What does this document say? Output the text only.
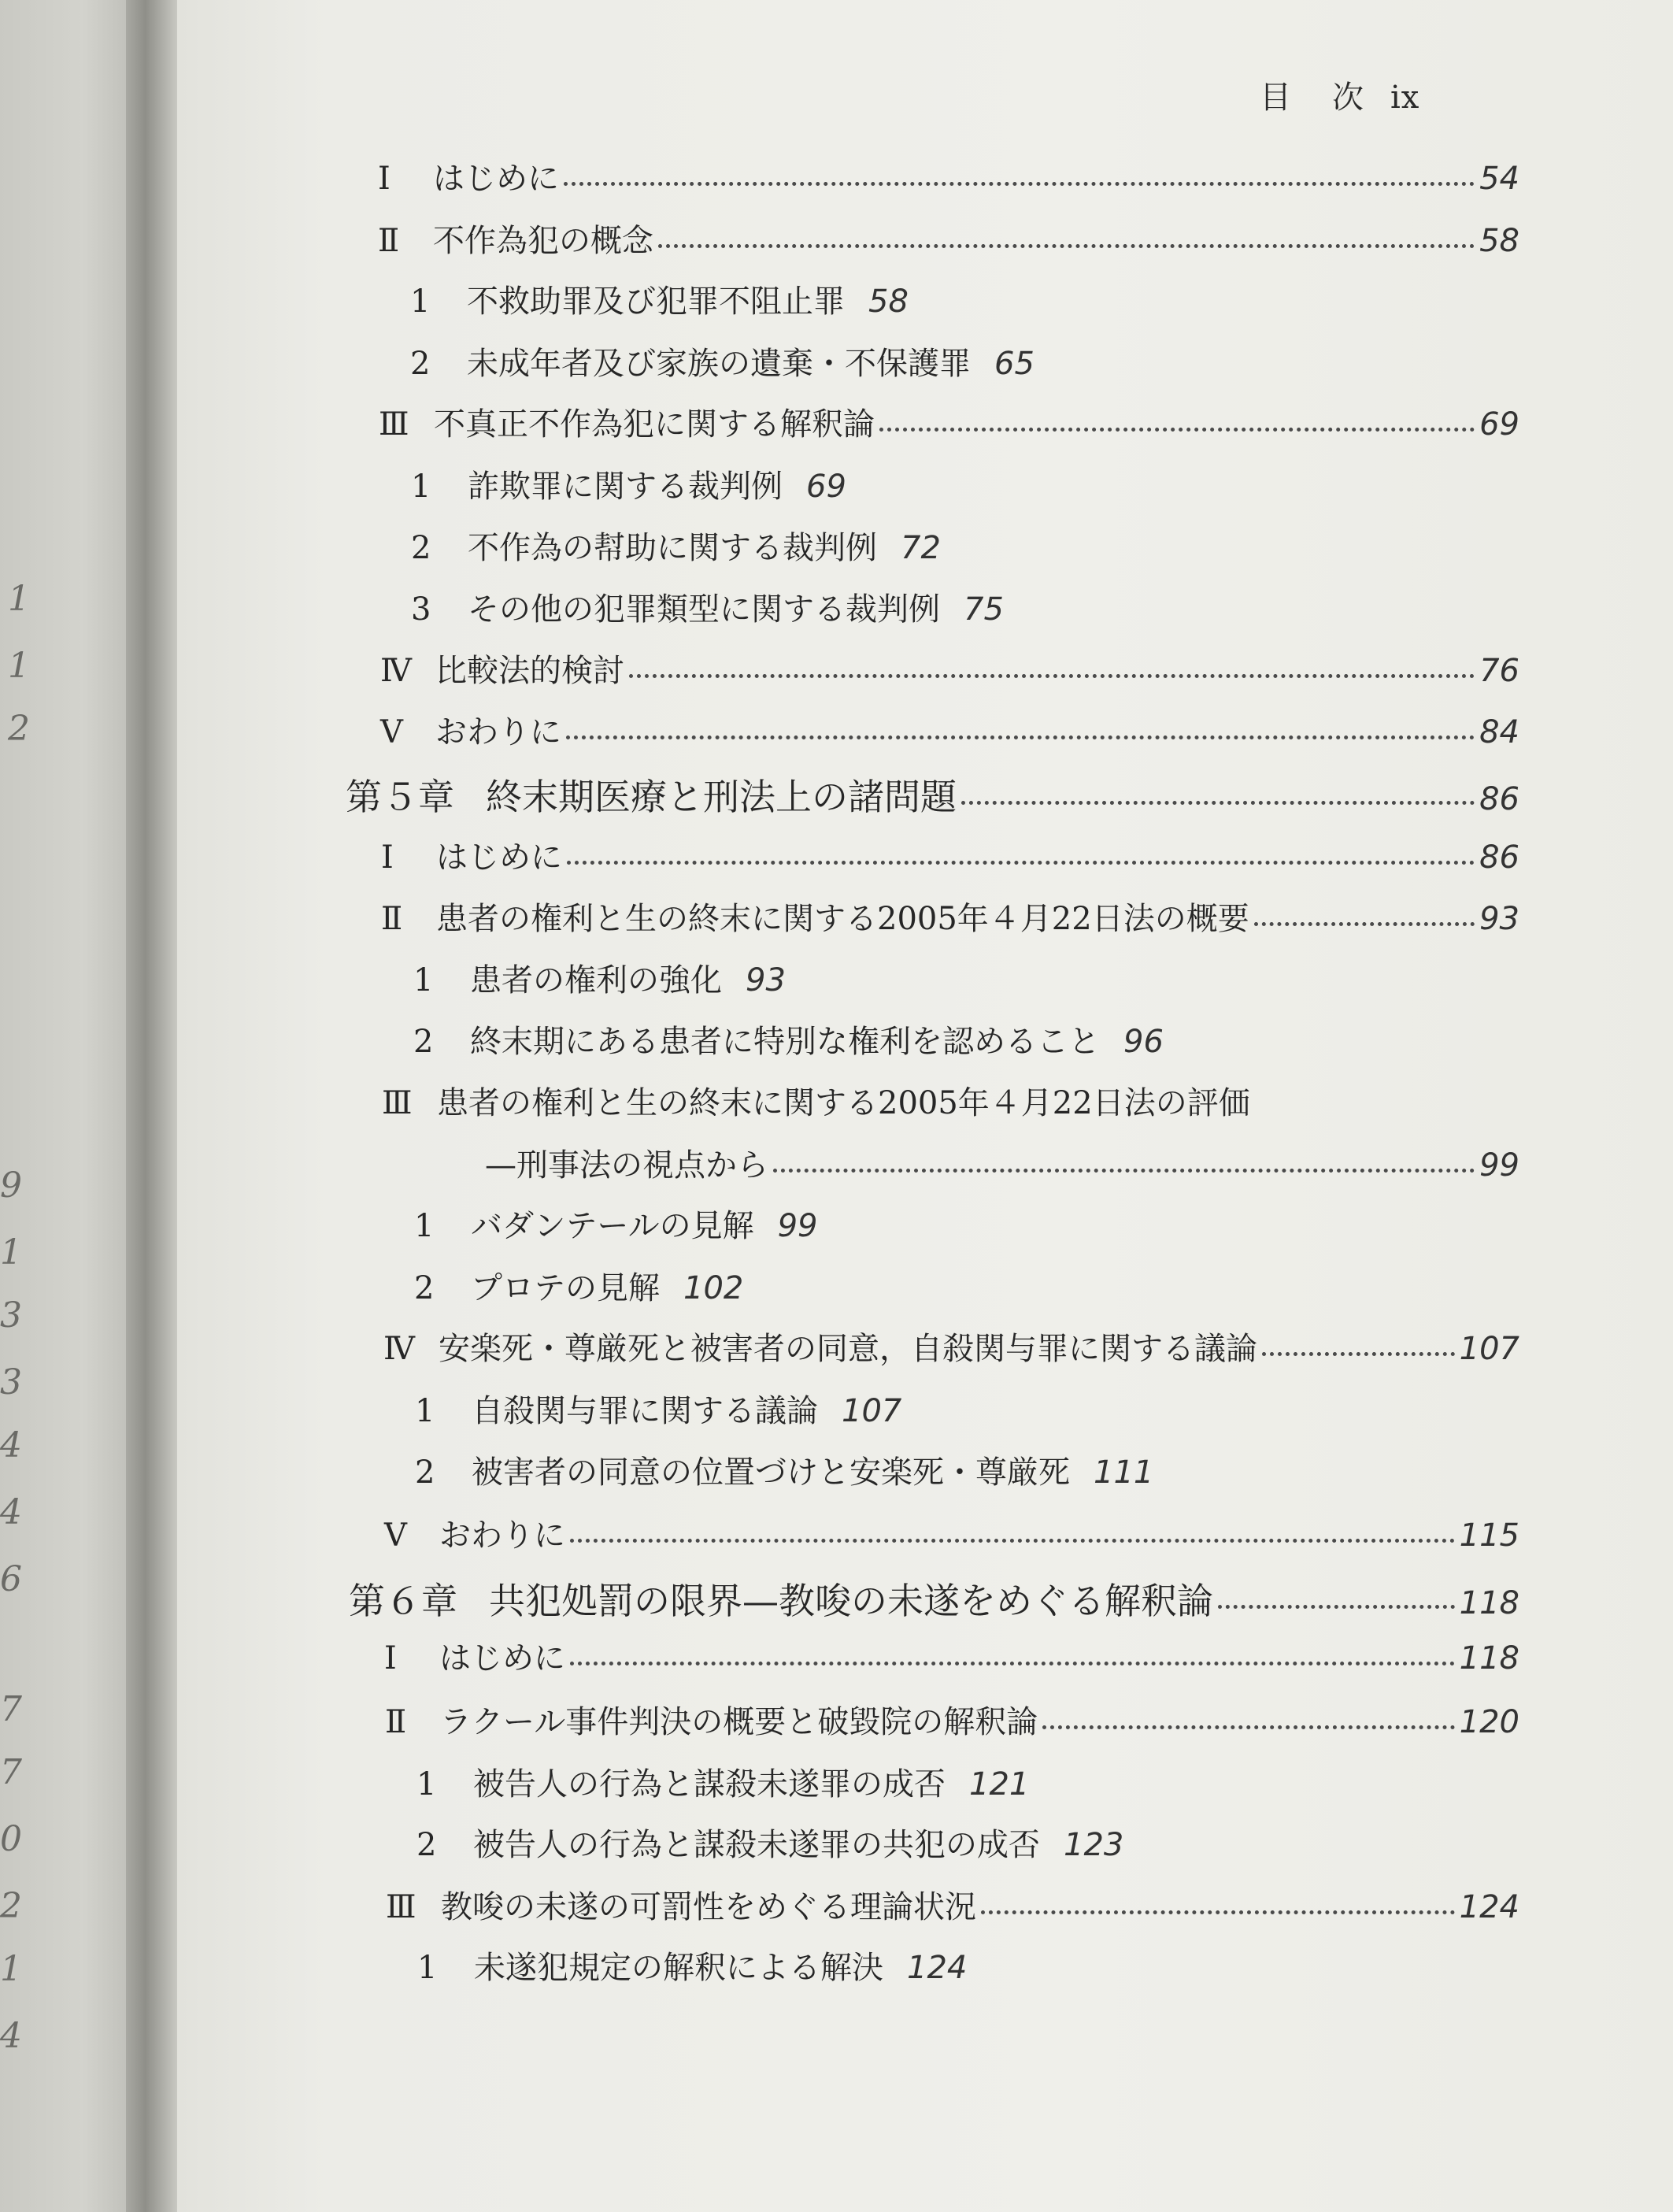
1
1
2
9
1
3
3
4
4
6
7
7
0
2
1
4
目　次 ix
Ⅰ はじめに	54
Ⅱ 不作為犯の概念	58
1 不救助罪及び犯罪不阻止罪 58
2 未成年者及び家族の遺棄・不保護罪 65
Ⅲ 不真正不作為犯に関する解釈論	69
1 詐欺罪に関する裁判例 69
2 不作為の幇助に関する裁判例 72
3 その他の犯罪類型に関する裁判例 75
Ⅳ 比較法的検討	76
Ⅴ おわりに	84
第５章 終末期医療と刑法上の諸問題	86
Ⅰ はじめに	86
Ⅱ 患者の権利と生の終末に関する2005年４月22日法の概要	93
1 患者の権利の強化 93
2 終末期にある患者に特別な権利を認めること 96
Ⅲ 患者の権利と生の終末に関する2005年４月22日法の評価
—刑事法の視点から	99
1 バダンテールの見解 99
2 プロテの見解 102
Ⅳ 安楽死・尊厳死と被害者の同意，自殺関与罪に関する議論	107
1 自殺関与罪に関する議論 107
2 被害者の同意の位置づけと安楽死・尊厳死 111
Ⅴ おわりに	115
第６章 共犯処罰の限界—教唆の未遂をめぐる解釈論	118
Ⅰ はじめに	118
Ⅱ ラクール事件判決の概要と破毀院の解釈論	120
1 被告人の行為と謀殺未遂罪の成否 121
2 被告人の行為と謀殺未遂罪の共犯の成否 123
Ⅲ 教唆の未遂の可罰性をめぐる理論状況	124
1 未遂犯規定の解釈による解決 124
